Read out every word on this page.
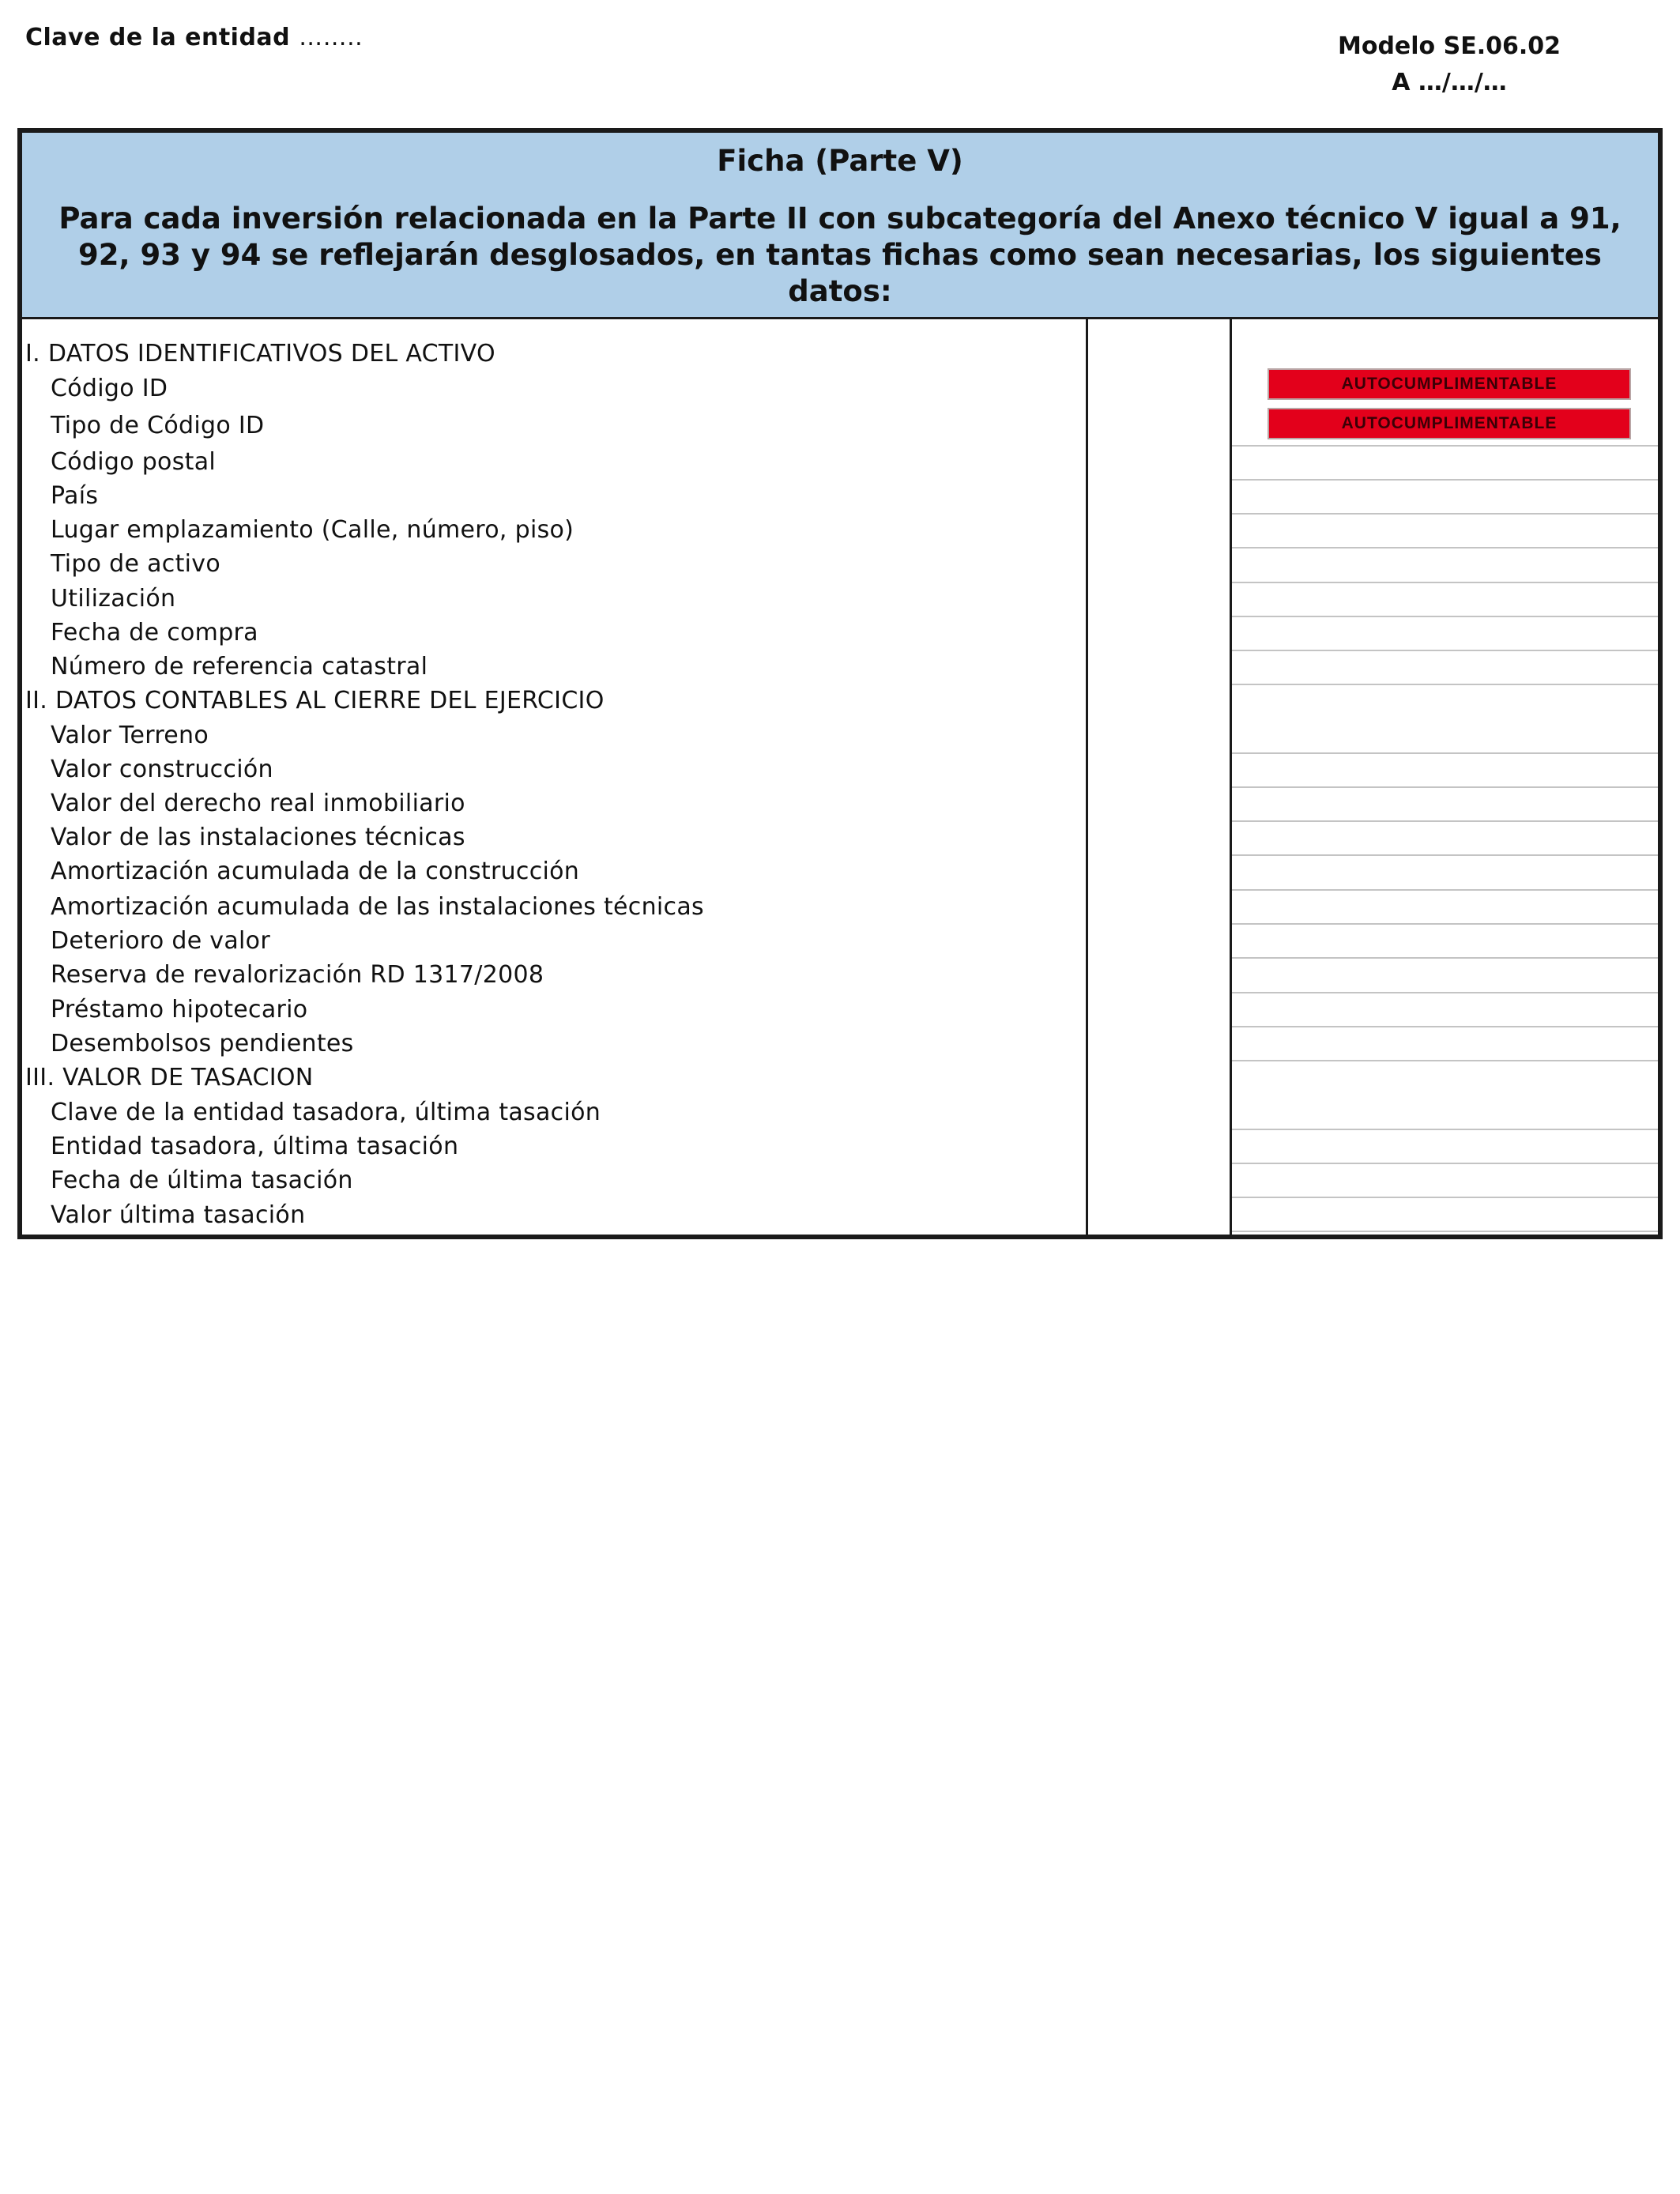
Clave de la entidad ……..	Modelo SE.06.02
A …/…/…
Ficha (Parte V)
Para cada inversión relacionada en la Parte II con subcategoría del Anexo técnico V igual a 91, 92, 93 y 94 se reflejarán desglosados, en tantas fichas como sean necesarias, los siguientes datos:
I. DATOS IDENTIFICATIVOS DEL ACTIVO
Código ID
Tipo de Código ID
Código postal
País
Lugar emplazamiento (Calle, número, piso)
Tipo de activo
Utilización
Fecha de compra
Número de referencia catastral
II. DATOS CONTABLES AL CIERRE DEL EJERCICIO
Valor Terreno
Valor construcción
Valor del derecho real inmobiliario
Valor de las instalaciones técnicas
Amortización acumulada de la construcción
Amortización acumulada de las instalaciones técnicas
Deterioro de valor
Reserva de revalorización RD 1317/2008
Préstamo hipotecario
Desembolsos pendientes
III. VALOR DE TASACION
Clave de la entidad tasadora, última tasación
Entidad tasadora, última tasación
Fecha de última tasación
Valor última tasación
AUTOCUMPLIMENTABLE
AUTOCUMPLIMENTABLE
